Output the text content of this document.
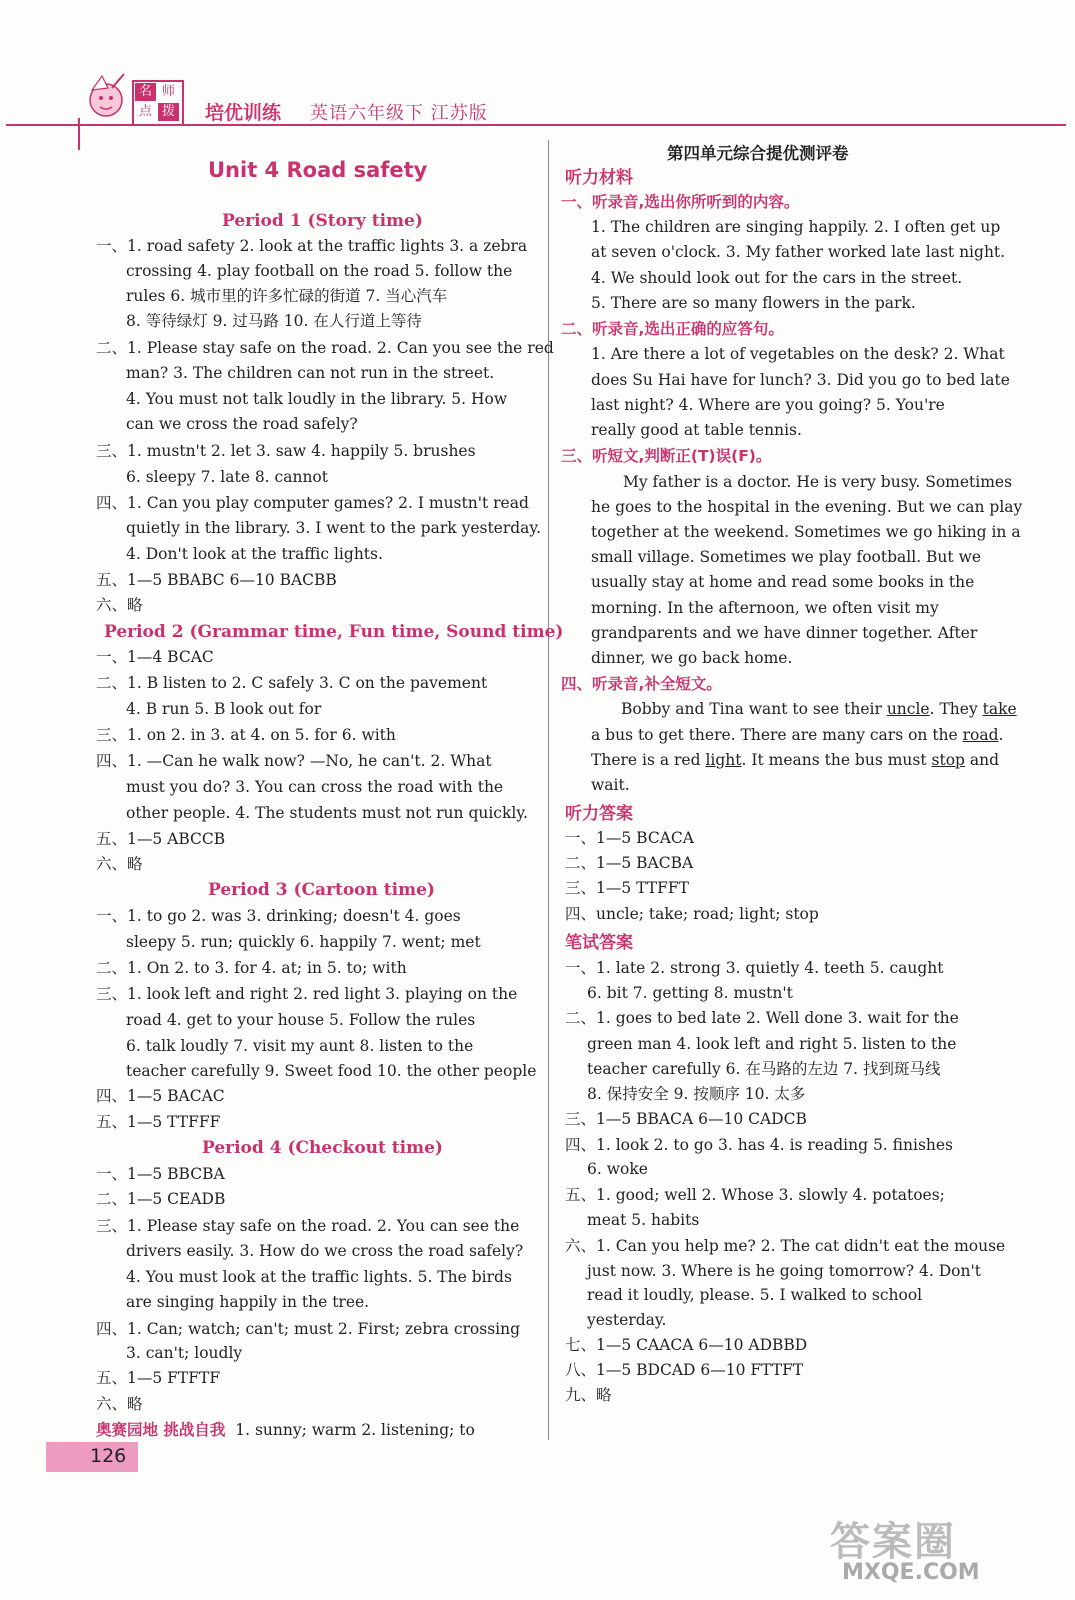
名 师
点 拨 培优训练 英语六年级下 江苏版
Unit 4 Road safety
Period 1 (Story time)
一、1. road safety 2. look at the traffic lights 3. a zebra
crossing 4. play football on the road 5. follow the
rules 6. 城市里的许多忙碌的街道 7. 当心汽车
8. 等待绿灯 9. 过马路 10. 在人行道上等待
二、1. Please stay safe on the road. 2. Can you see the red
man? 3. The children can not run in the street.
4. You must not talk loudly in the library. 5. How
can we cross the road safely?
三、1. mustn't 2. let 3. saw 4. happily 5. brushes
6. sleepy 7. late 8. cannot
四、1. Can you play computer games? 2. I mustn't read
quietly in the library. 3. I went to the park yesterday.
4. Don't look at the traffic lights.
五、1—5 BBABC 6—10 BACBB
六、略
Period 2 (Grammar time, Fun time, Sound time)
一、1—4 BCAC
二、1. B listen to 2. C safely 3. C on the pavement
4. B run 5. B look out for
三、1. on 2. in 3. at 4. on 5. for 6. with
四、1. —Can he walk now? —No, he can't. 2. What
must you do? 3. You can cross the road with the
other people. 4. The students must not run quickly.
五、1—5 ABCCB
六、略
Period 3 (Cartoon time)
一、1. to go 2. was 3. drinking; doesn't 4. goes
sleepy 5. run; quickly 6. happily 7. went; met
二、1. On 2. to 3. for 4. at; in 5. to; with
三、1. look left and right 2. red light 3. playing on the
road 4. get to your house 5. Follow the rules
6. talk loudly 7. visit my aunt 8. listen to the
teacher carefully 9. Sweet food 10. the other people
四、1—5 BACAC
五、1—5 TTFFF
Period 4 (Checkout time)
一、1—5 BBCBA
二、1—5 CEADB
三、1. Please stay safe on the road. 2. You can see the
drivers easily. 3. How do we cross the road safely?
4. You must look at the traffic lights. 5. The birds
are singing happily in the tree.
四、1. Can; watch; can't; must 2. First; zebra crossing
3. can't; loudly
五、1—5 FTFTF
六、略
奥赛园地 挑战自我 1. sunny; warm 2. listening; to
第四单元综合提优测评卷
听力材料
一、听录音,选出你所听到的内容。
1. The children are singing happily. 2. I often get up
at seven o'clock. 3. My father worked late last night.
4. We should look out for the cars in the street.
5. There are so many flowers in the park.
二、听录音,选出正确的应答句。
1. Are there a lot of vegetables on the desk? 2. What
does Su Hai have for lunch? 3. Did you go to bed late
last night? 4. Where are you going? 5. You're
really good at table tennis.
三、听短文,判断正(T)误(F)。
My father is a doctor. He is very busy. Sometimes
he goes to the hospital in the evening. But we can play
together at the weekend. Sometimes we go hiking in a
small village. Sometimes we play football. But we
usually stay at home and read some books in the
morning. In the afternoon, we often visit my
grandparents and we have dinner together. After
dinner, we go back home.
四、听录音,补全短文。
Bobby and Tina want to see their uncle. They take
a bus to get there. There are many cars on the road.
There is a red light. It means the bus must stop and
wait.
听力答案
一、1—5 BCACA
二、1—5 BACBA
三、1—5 TTFFT
四、uncle; take; road; light; stop
笔试答案
一、1. late 2. strong 3. quietly 4. teeth 5. caught
6. bit 7. getting 8. mustn't
二、1. goes to bed late 2. Well done 3. wait for the
green man 4. look left and right 5. listen to the
teacher carefully 6. 在马路的左边 7. 找到斑马线
8. 保持安全 9. 按顺序 10. 太多
三、1—5 BBACA 6—10 CADCB
四、1. look 2. to go 3. has 4. is reading 5. finishes
6. woke
五、1. good; well 2. Whose 3. slowly 4. potatoes;
meat 5. habits
六、1. Can you help me? 2. The cat didn't eat the mouse
just now. 3. Where is he going tomorrow? 4. Don't
read it loudly, please. 5. I walked to school
yesterday.
七、1—5 CAACA 6—10 ADBBD
八、1—5 BDCAD 6—10 FTTFT
九、略
126
答案圈
MXQE.COM
